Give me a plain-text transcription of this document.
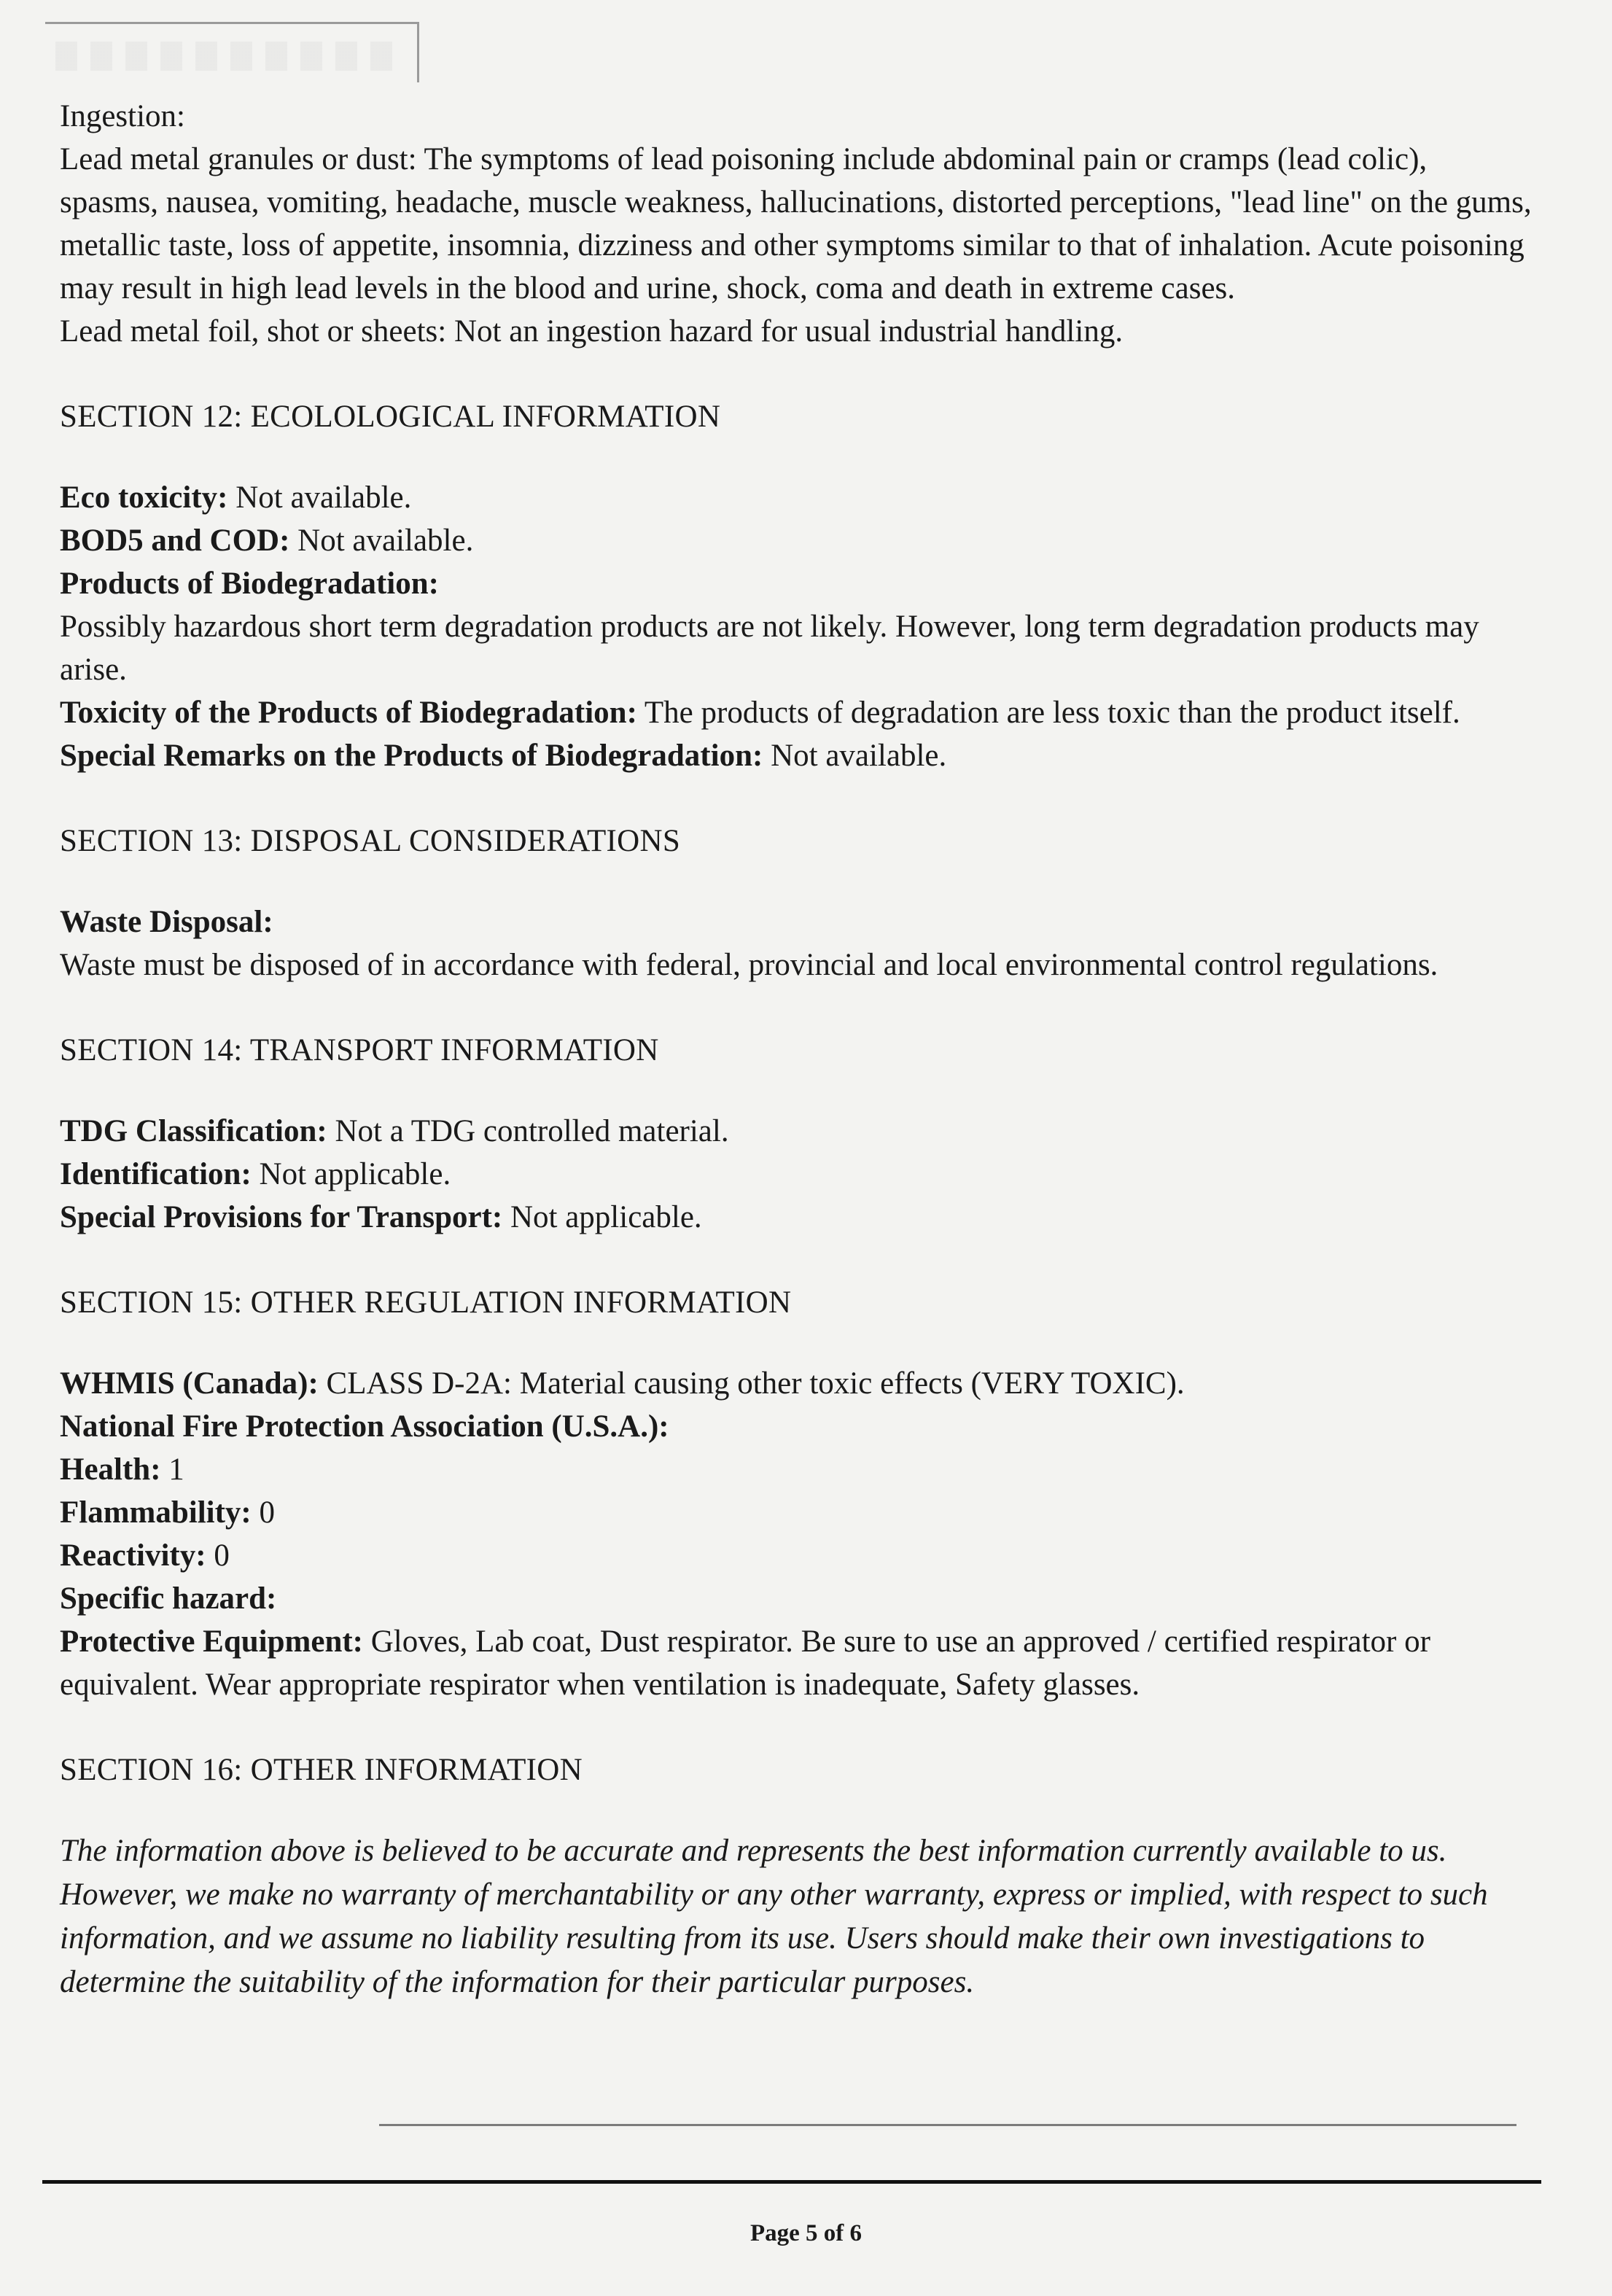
Ingestion:

Lead metal granules or dust: The symptoms of lead poisoning include abdominal pain or cramps (lead colic), spasms, nausea, vomiting, headache, muscle weakness, hallucinations, distorted perceptions, "lead line" on the gums, metallic taste, loss of appetite, insomnia, dizziness and other symptoms similar to that of inhalation. Acute poisoning may result in high lead levels in the blood and urine, shock, coma and death in extreme cases.

Lead metal foil, shot or sheets: Not an ingestion hazard for usual industrial handling.

SECTION 12: ECOLOLOGICAL INFORMATION

Eco toxicity: Not available.

BOD5 and COD: Not available.

Products of Biodegradation:

Possibly hazardous short term degradation products are not likely. However, long term degradation products may arise.

Toxicity of the Products of Biodegradation: The products of degradation are less toxic than the product itself.

Special Remarks on the Products of Biodegradation: Not available.

SECTION 13: DISPOSAL CONSIDERATIONS

Waste Disposal:

Waste must be disposed of in accordance with federal, provincial and local environmental control regulations.

SECTION 14: TRANSPORT INFORMATION

TDG Classification: Not a TDG controlled material.

Identification: Not applicable.

Special Provisions for Transport: Not applicable.

SECTION 15: OTHER REGULATION INFORMATION

WHMIS (Canada): CLASS D-2A: Material causing other toxic effects (VERY TOXIC).

National Fire Protection Association (U.S.A.):

Health: 1

Flammability: 0

Reactivity: 0

Specific hazard:

Protective Equipment: Gloves, Lab coat, Dust respirator. Be sure to use an approved / certified respirator or equivalent. Wear appropriate respirator when ventilation is inadequate, Safety glasses.

SECTION 16: OTHER INFORMATION

The information above is believed to be accurate and represents the best information currently available to us. However, we make no warranty of merchantability or any other warranty, express or implied, with respect to such information, and we assume no liability resulting from its use. Users should make their own investigations to determine the suitability of the information for their particular purposes.

Page 5 of 6
